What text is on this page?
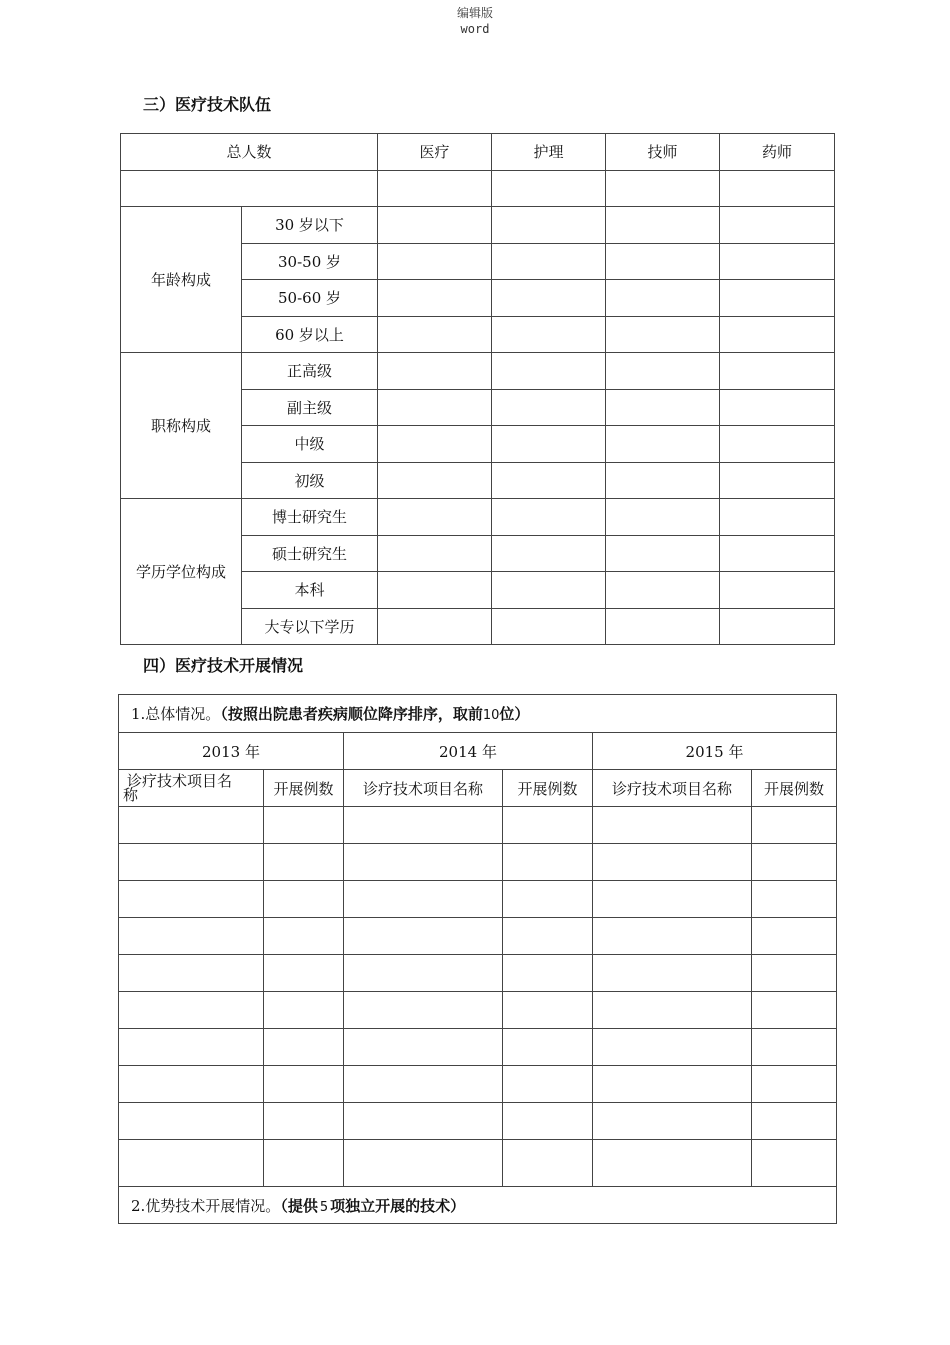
编辑版
word
三）医疗技术队伍
总人数		医疗	护理	技师	药师

年龄构成	30 岁以下				
	30-50 岁				
	50-60 岁				
	60 岁以上				
职称构成	正高级				
	副主级				
	中级				
	初级				
学历学位构成	博士研究生				
	硕士研究生				
	本科				
	大专以下学历				
四）医疗技术开展情况
1.总体情况。（按照出院患者疾病顺位降序排序，取前10位）					
2013 年		2014 年		2015 年	
诊疗技术项目名
称	开展例数	诊疗技术项目名称	开展例数	诊疗技术项目名称	开展例数

2.优势技术开展情况。（提供 5 项独立开展的技术）					
